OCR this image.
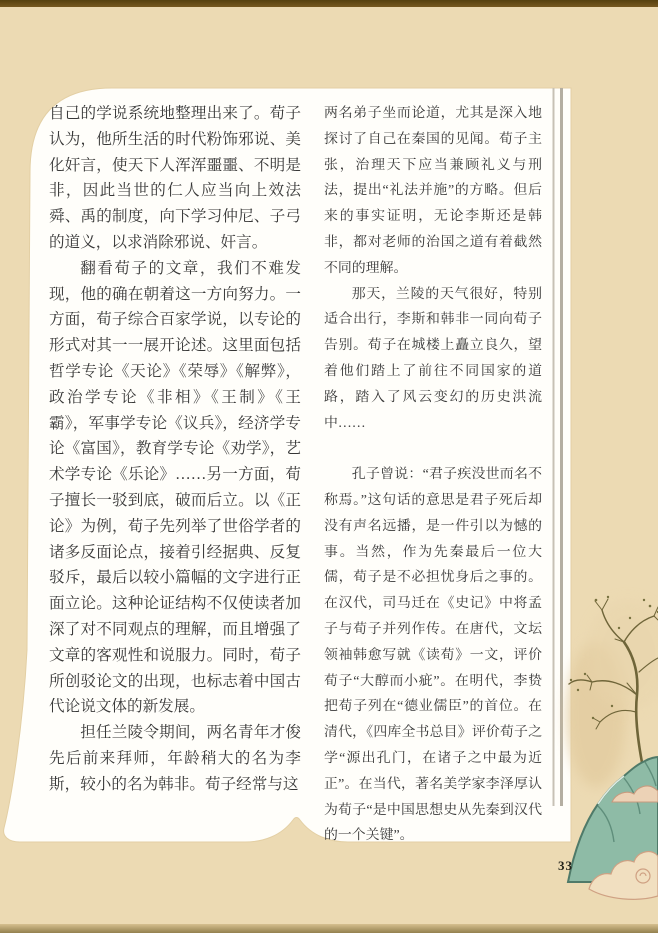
自己的学说系统地整理出来了。荀子认为，他所生活的时代粉饰邪说、美化奸言，使天下人浑浑噩噩、不明是非，因此当世的仁人应当向上效法舜、禹的制度，向下学习仲尼、子弓的道义，以求消除邪说、奸言。

翻看荀子的文章，我们不难发现，他的确在朝着这一方向努力。一方面，荀子综合百家学说，以专论的形式对其一一展开论述。这里面包括哲学专论《天论》《荣辱》《解弊》，政治学专论《非相》《王制》《王霸》，军事学专论《议兵》，经济学专论《富国》，教育学专论《劝学》，艺术学专论《乐论》……另一方面，荀子擅长一驳到底，破而后立。以《正论》为例，荀子先列举了世俗学者的诸多反面论点，接着引经据典、反复驳斥，最后以较小篇幅的文字进行正面立论。这种论证结构不仅使读者加深了对不同观点的理解，而且增强了文章的客观性和说服力。同时，荀子所创驳论文的出现，也标志着中国古代论说文体的新发展。

担任兰陵令期间，两名青年才俊先后前来拜师，年龄稍大的名为李斯，较小的名为韩非。荀子经常与这

两名弟子坐而论道，尤其是深入地探讨了自己在秦国的见闻。荀子主张，治理天下应当兼顾礼义与刑法，提出“礼法并施”的方略。但后来的事实证明，无论李斯还是韩非，都对老师的治国之道有着截然不同的理解。

那天，兰陵的天气很好，特别适合出行，李斯和韩非一同向荀子告别。荀子在城楼上矗立良久，望着他们踏上了前往不同国家的道路，踏入了风云变幻的历史洪流中……

孔子曾说：“君子疾没世而名不称焉。”这句话的意思是君子死后却没有声名远播，是一件引以为憾的事。当然，作为先秦最后一位大儒，荀子是不必担忧身后之事的。在汉代，司马迁在《史记》中将孟子与荀子并列作传。在唐代，文坛领袖韩愈写就《读荀》一文，评价荀子“大醇而小疵”。在明代，李贽把荀子列在“德业儒臣”的首位。在清代，《四库全书总目》评价荀子之学“源出孔门，在诸子之中最为近正”。在当代，著名美学家李泽厚认为荀子“是中国思想史从先秦到汉代的一个关键”。

33
